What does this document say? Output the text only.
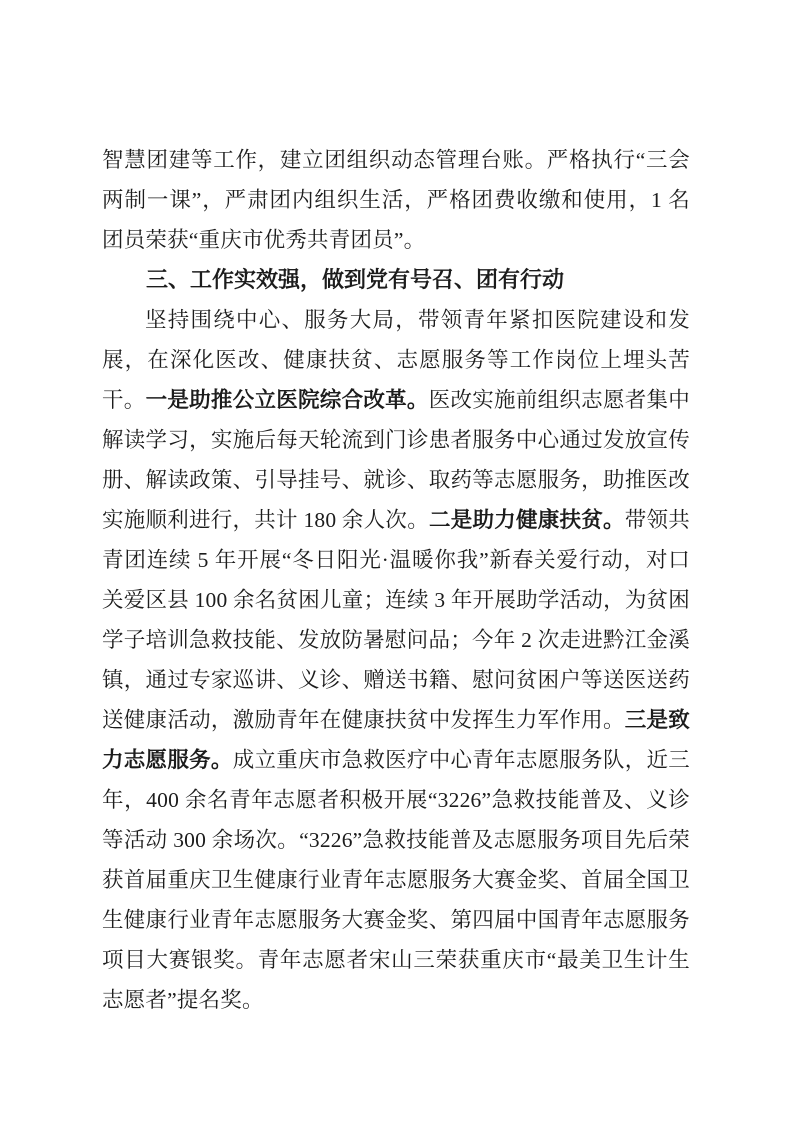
智慧团建等工作，建立团组织动态管理台账。严格执行“三会两制一课”，严肃团内组织生活，严格团费收缴和使用，1 名团员荣获“重庆市优秀共青团员”。

三、工作实效强，做到党有号召、团有行动

坚持围绕中心、服务大局，带领青年紧扣医院建设和发展，在深化医改、健康扶贫、志愿服务等工作岗位上埋头苦干。一是助推公立医院综合改革。医改实施前组织志愿者集中解读学习，实施后每天轮流到门诊患者服务中心通过发放宣传册、解读政策、引导挂号、就诊、取药等志愿服务，助推医改实施顺利进行，共计 180 余人次。二是助力健康扶贫。带领共青团连续 5 年开展“冬日阳光·温暖你我”新春关爱行动，对口关爱区县 100 余名贫困儿童；连续 3 年开展助学活动，为贫困学子培训急救技能、发放防暑慰问品；今年 2 次走进黔江金溪镇，通过专家巡讲、义诊、赠送书籍、慰问贫困户等送医送药送健康活动，激励青年在健康扶贫中发挥生力军作用。三是致力志愿服务。成立重庆市急救医疗中心青年志愿服务队，近三年，400 余名青年志愿者积极开展“3226”急救技能普及、义诊等活动 300 余场次。“3226”急救技能普及志愿服务项目先后荣获首届重庆卫生健康行业青年志愿服务大赛金奖、首届全国卫生健康行业青年志愿服务大赛金奖、第四届中国青年志愿服务项目大赛银奖。青年志愿者宋山三荣获重庆市“最美卫生计生志愿者”提名奖。
